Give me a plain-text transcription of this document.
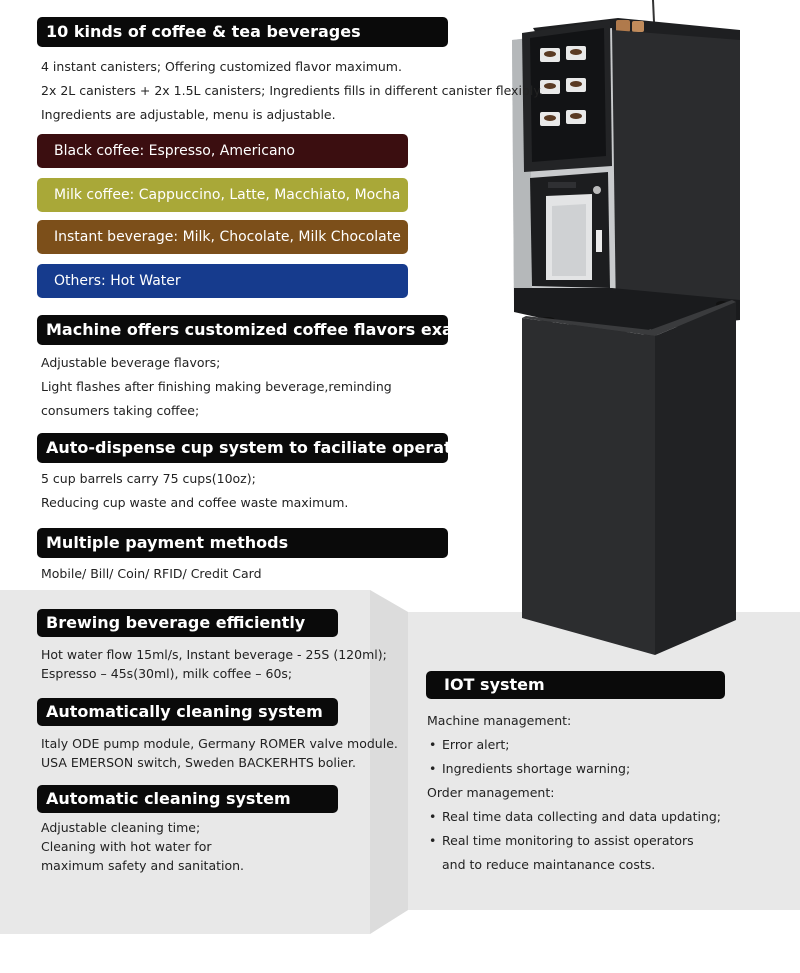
10 kinds of coffee & tea beverages
4 instant canisters; Offering customized flavor maximum.
2x 2L canisters + 2x 1.5L canisters; Ingredients fills in different canister flexibly.
Ingredients are adjustable, menu is adjustable.
Black coffee: Espresso, Americano
Milk coffee: Cappuccino, Latte, Macchiato, Mocha
Instant beverage: Milk, Chocolate, Milk Chocolate
Others: Hot Water
Machine offers customized coffee flavors exactly
Adjustable beverage flavors;
Light flashes after finishing making beverage,reminding
consumers taking coffee;
Auto-dispense cup system to faciliate operation
5 cup barrels carry 75 cups(10oz);
Reducing cup waste and coffee waste maximum.
Multiple payment methods
Mobile/ Bill/ Coin/ RFID/ Credit Card
Brewing beverage efficiently
Hot water flow 15ml/s, Instant beverage - 25S (120ml);
Espresso – 45s(30ml), milk coffee – 60s;
Automatically cleaning system
Italy ODE pump module, Germany ROMER valve module.
USA EMERSON switch, Sweden BACKERHTS bolier.
Automatic cleaning system
Adjustable cleaning time;
Cleaning with hot water for
maximum safety and sanitation.
IOT system
Machine management:
• Error alert;
• Ingredients shortage warning;
Order management:
• Real time data collecting and data updating;
• Real time monitoring to assist operators
and to reduce maintanance costs.
